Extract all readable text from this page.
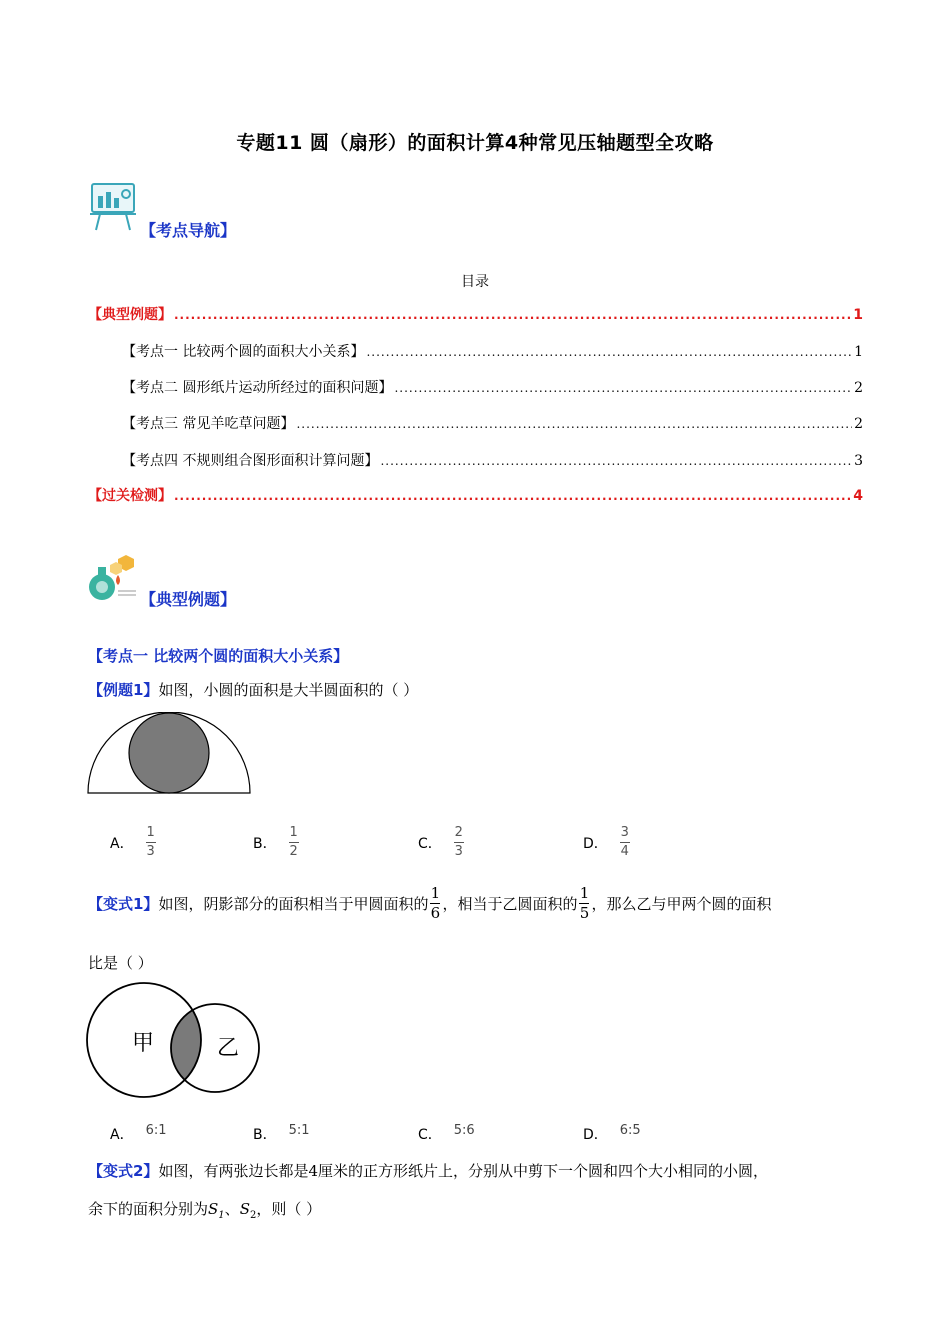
专题11 圆（扇形）的面积计算4种常见压轴题型全攻略
【考点导航】
目录
【典型例题】 .....	1
【考点一 比较两个圆的面积大小关系】 .....	1
【考点二 圆形纸片运动所经过的面积问题】 .....	2
【考点三 常见羊吃草问题】 .....	2
【考点四 不规则组合图形面积计算问题】 .....	3
【过关检测】 .....	4
【典型例题】
【考点一 比较两个圆的面积大小关系】
【例题1】如图，小圆的面积是大半圆面积的（ ）
A． $\frac{1}{3}$	B． $\frac{1}{2}$	C． $\frac{2}{3}$	D． $\frac{3}{4}$
【变式1】 如图，阴影部分的面积相当于甲圆面积的 $\frac{1}{6}$ ，相当于乙圆面积的 $\frac{1}{5}$ ，那么乙与甲两个圆的面积
比是（ ）
甲	乙
A． 6:1	B． 5:1	C． 5:6	D． 6:5
【变式2】如图，有两张边长都是4厘米的正方形纸片上，分别从中剪下一个圆和四个大小相同的小圆，
余下的面积分别为$S_1$、$S_2$，则（ ）
